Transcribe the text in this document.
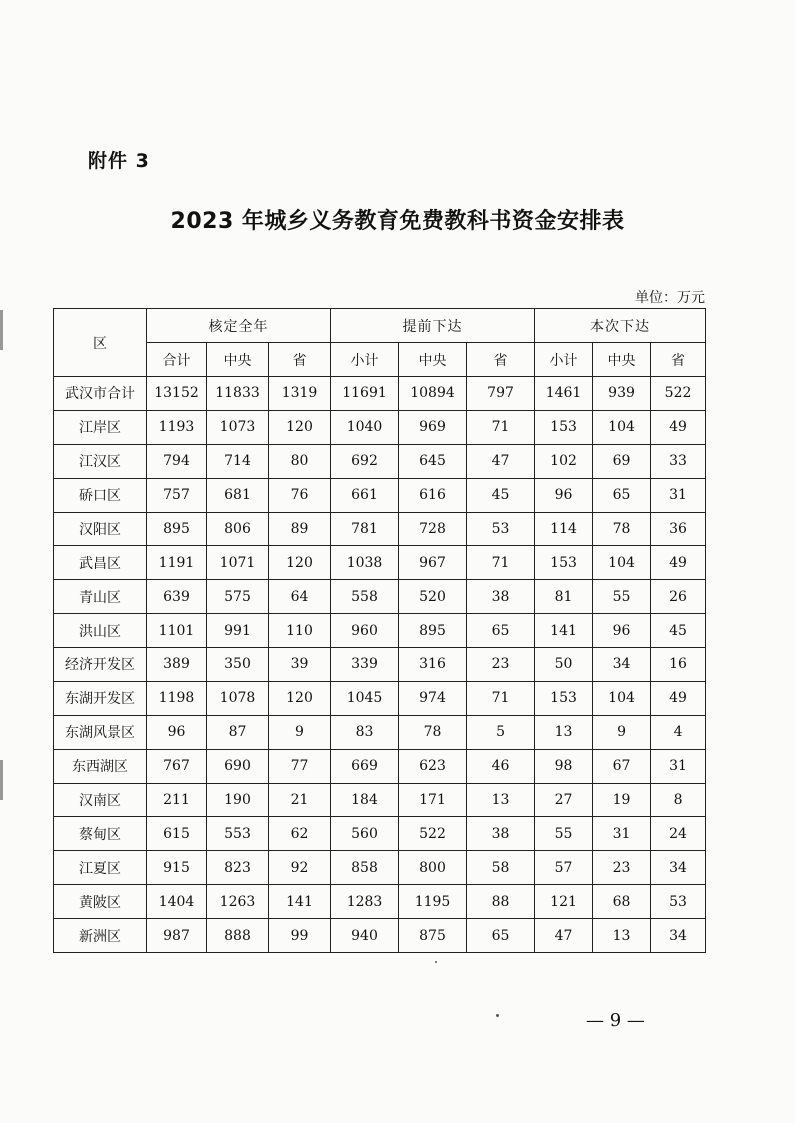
附件 3
2023 年城乡义务教育免费教科书资金安排表
单位：万元
区	核定全年			提前下达			本次下达		
	合计	中央	省	小计	中央	省	小计	中央	省
武汉市合计	13152	11833	1319	11691	10894	797	1461	939	522
江岸区	1193	1073	120	1040	969	71	153	104	49
江汉区	794	714	80	692	645	47	102	69	33
硚口区	757	681	76	661	616	45	96	65	31
汉阳区	895	806	89	781	728	53	114	78	36
武昌区	1191	1071	120	1038	967	71	153	104	49
青山区	639	575	64	558	520	38	81	55	26
洪山区	1101	991	110	960	895	65	141	96	45
经济开发区	389	350	39	339	316	23	50	34	16
东湖开发区	1198	1078	120	1045	974	71	153	104	49
东湖风景区	96	87	9	83	78	5	13	9	4
东西湖区	767	690	77	669	623	46	98	67	31
汉南区	211	190	21	184	171	13	27	19	8
蔡甸区	615	553	62	560	522	38	55	31	24
江夏区	915	823	92	858	800	58	57	23	34
黄陂区	1404	1263	141	1283	1195	88	121	68	53
新洲区	987	888	99	940	875	65	47	13	34
— 9 —
